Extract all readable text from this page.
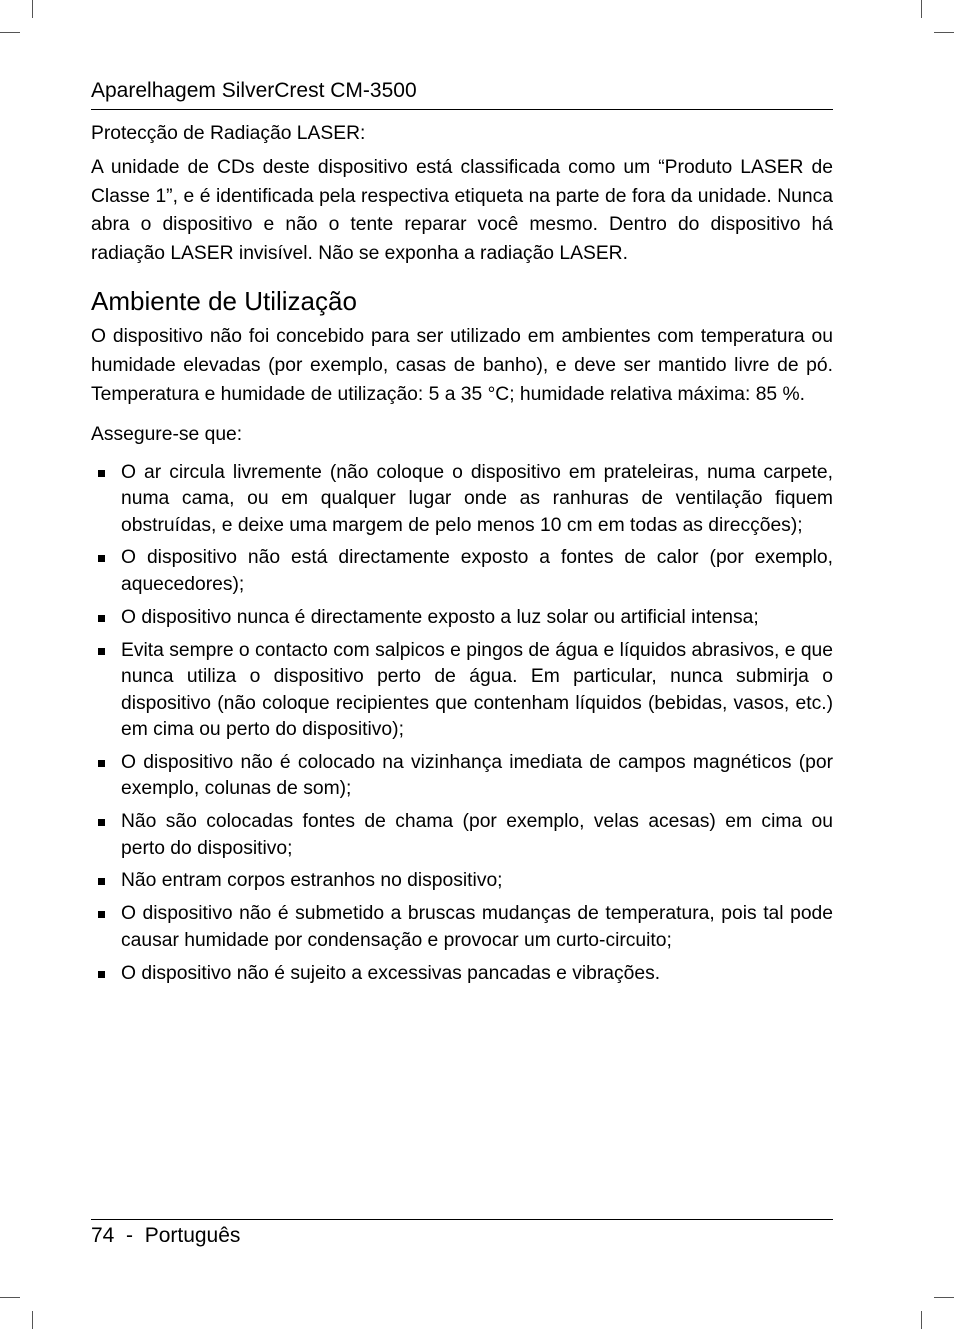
Aparelhagem SilverCrest CM-3500

Protecção de Radiação LASER:

A unidade de CDs deste dispositivo está classificada como um “Produto LASER de Classe 1”, e é identificada pela respectiva etiqueta na parte de fora da unidade. Nunca abra o dispositivo e não o tente reparar você mesmo. Dentro do dispositivo há radiação LASER invisível. Não se exponha a radiação LASER.

Ambiente de Utilização

O dispositivo não foi concebido para ser utilizado em ambientes com temperatura ou humidade elevadas (por exemplo, casas de banho), e deve ser mantido livre de pó. Temperatura e humidade de utilização: 5 a 35 °C; humidade relativa máxima: 85 %.

Assegure-se que:

O ar circula livremente (não coloque o dispositivo em prateleiras, numa carpete, numa cama, ou em qualquer lugar onde as ranhuras de ventilação fiquem obstruídas, e deixe uma margem de pelo menos 10 cm em todas as direcções);
O dispositivo não está directamente exposto a fontes de calor (por exemplo, aquecedores);
O dispositivo nunca é directamente exposto a luz solar ou artificial intensa;
Evita sempre o contacto com salpicos e pingos de água e líquidos abrasivos, e que nunca utiliza o dispositivo perto de água. Em particular, nunca submirja o dispositivo (não coloque recipientes que contenham líquidos (bebidas, vasos, etc.) em cima ou perto do dispositivo);
O dispositivo não é colocado na vizinhança imediata de campos magnéticos (por exemplo, colunas de som);
Não são colocadas fontes de chama (por exemplo, velas acesas) em cima ou perto do dispositivo;
Não entram corpos estranhos no dispositivo;
O dispositivo não é submetido a bruscas mudanças de temperatura, pois tal pode causar humidade por condensação e provocar um curto-circuito;
O dispositivo não é sujeito a excessivas pancadas e vibrações.
74  -  Português
